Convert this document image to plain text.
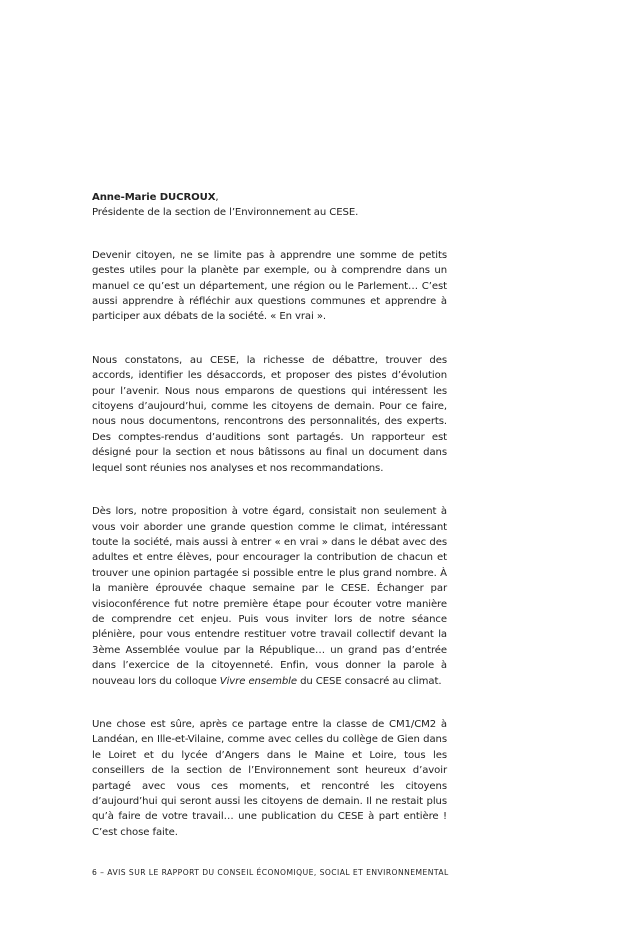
Anne-Marie DUCROUX,
Présidente de la section de l’Environnement au CESE.

Devenir citoyen, ne se limite pas à apprendre une somme de petits gestes utiles pour la planète par exemple, ou à comprendre dans un manuel ce qu’est un département, une région ou le Parlement… C’est aussi apprendre à réfléchir aux questions communes et apprendre à participer aux débats de la société. « En vrai ».

Nous constatons, au CESE, la richesse de débattre, trouver des accords, identifier les désaccords, et proposer des pistes d’évolution pour l’avenir. Nous nous emparons de questions qui intéressent les citoyens d’aujourd’hui, comme les citoyens de demain. Pour ce faire, nous nous documentons, rencontrons des personnalités, des experts. Des comptes-rendus d’auditions sont partagés. Un rapporteur est désigné pour la section et nous bâtissons au final un document dans lequel sont réunies nos analyses et nos recommandations.

Dès lors, notre proposition à votre égard, consistait non seulement à vous voir aborder une grande question comme le climat, intéressant toute la société, mais aussi à entrer « en vrai » dans le débat avec des adultes et entre élèves, pour encourager la contribution de chacun et trouver une opinion partagée si possible entre le plus grand nombre. À la manière éprouvée chaque semaine par le CESE. Échanger par visioconférence fut notre première étape pour écouter votre manière de comprendre cet enjeu. Puis vous inviter lors de notre séance plénière, pour vous entendre restituer votre travail collectif devant la 3ème Assemblée voulue par la République… un grand pas d’entrée dans l’exercice de la citoyenneté. Enfin, vous donner la parole à nouveau lors du colloque Vivre ensemble du CESE consacré au climat.

Une chose est sûre, après ce partage entre la classe de CM1/CM2 à Landéan, en Ille-et-Vilaine, comme avec celles du collège de Gien dans le Loiret et du lycée d’Angers dans le Maine et Loire, tous les conseillers de la section de l’Environnement sont heureux d’avoir partagé avec vous ces moments, et rencontré les citoyens d’aujourd’hui qui seront aussi les citoyens de demain. Il ne restait plus qu’à faire de votre travail… une publication du CESE à part entière ! C’est chose faite.

6 – AVIS SUR LE RAPPORT DU CONSEIL ÉCONOMIQUE, SOCIAL ET ENVIRONNEMENTAL
